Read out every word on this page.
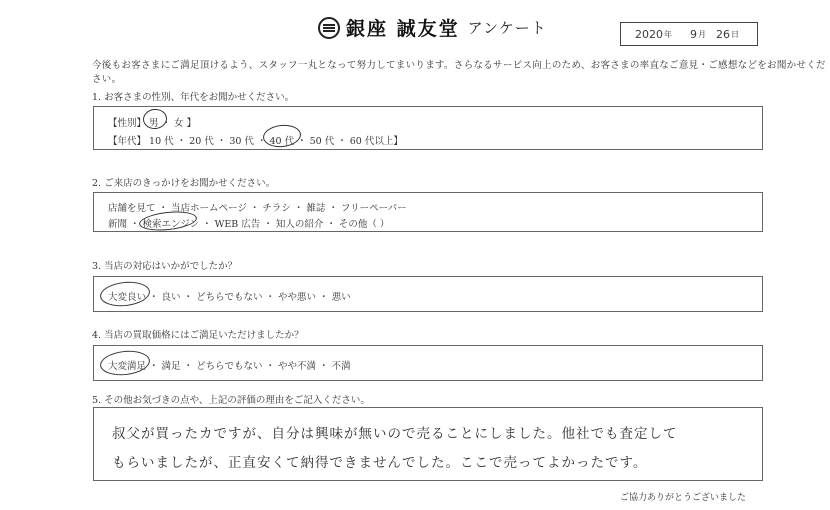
銀座 誠友堂 アンケート	2020 年 9 月 26 日
今後もお客さまにご満足頂けるよう、スタッフ一丸となって努力してまいります。さらなるサービス向上のため、お客さまの率直なご意見・ご感想などをお聞かせください。
1. お客さまの性別、年代をお聞かせください。
【性別】 男 ・ 女 】
【年代】 10 代 ・ 20 代 ・ 30 代 ・ 40 代 ・ 50 代 ・ 60 代以上】
2. ご来店のきっかけをお聞かせください。
店舗を見て ・ 当店ホームページ ・ チラシ ・ 雑誌 ・ フリーペーパー
新聞 ・ 検索エンジン ・ WEB 広告 ・ 知人の紹介 ・ その他（ ）
3. 当店の対応はいかがでしたか？
大変良い ・ 良い ・ どちらでもない ・ やや悪い ・ 悪い
4. 当店の買取価格にはご満足いただけましたか？
大変満足 ・ 満足 ・ どちらでもない ・ やや不満 ・ 不満
5. その他お気づきの点や、上記の評価の理由をご記入ください。
叔父が買ったカですが、自分は興味が無いので売ることにしました。他社でも査定して
もらいましたが、正直安くて納得できませんでした。ここで売ってよかったです。
ご協力ありがとうございました
